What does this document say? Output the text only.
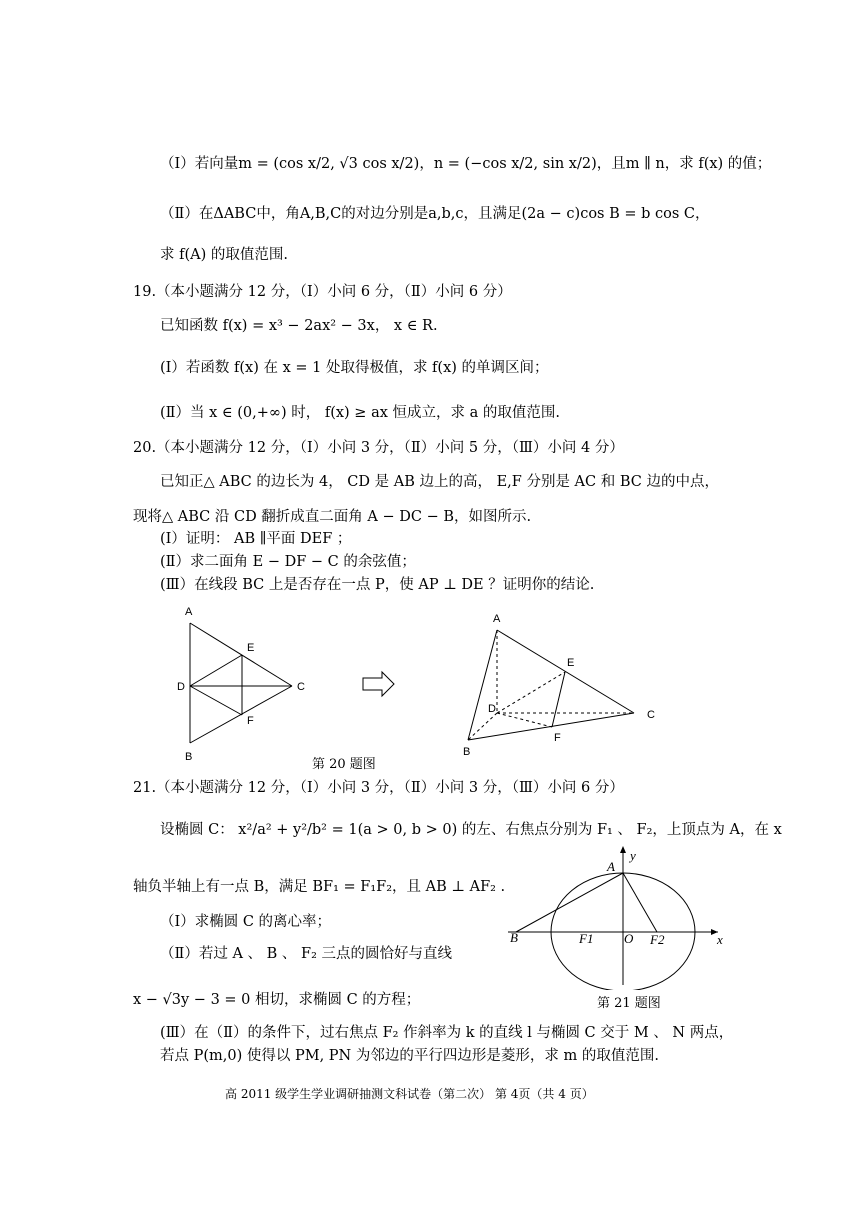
（Ⅰ）若向量m = (cos x/2, √3 cos x/2)，n = (−cos x/2, sin x/2)，且m ∥ n，求 f(x) 的值；
（Ⅱ）在ΔABC中，角A,B,C的对边分别是a,b,c，且满足(2a − c)cos B = b cos C，
求 f(A) 的取值范围.
19.（本小题满分 12 分，（Ⅰ）小问 6 分，（Ⅱ）小问 6 分）
已知函数 f(x) = x³ − 2ax² − 3x， x ∈ R.
(Ⅰ）若函数 f(x) 在 x = 1 处取得极值，求 f(x) 的单调区间；
(Ⅱ）当 x ∈ (0,+∞) 时， f(x) ≥ ax 恒成立，求 a 的取值范围.
20.（本小题满分 12 分，（Ⅰ）小问 3 分，（Ⅱ）小问 5 分，（Ⅲ）小问 4 分）
已知正△ ABC 的边长为 4， CD 是 AB 边上的高， E,F 分别是 AC 和 BC 边的中点，
现将△ ABC 沿 CD 翻折成直二面角 A − DC − B，如图所示.
(Ⅰ）证明： AB ∥平面 DEF ；
(Ⅱ）求二面角 E − DF − C 的余弦值；
(Ⅲ）在线段 BC 上是否存在一点 P，使 AP ⊥ DE ？证明你的结论.
A
E
D	C
F
B
A
E
D	C
F
B
第 20 题图
21.（本小题满分 12 分，（Ⅰ）小问 3 分，（Ⅱ）小问 3 分，（Ⅲ）小问 6 分）
设椭圆 C： x²/a² + y²/b² = 1(a > 0, b > 0) 的左、右焦点分别为 F₁ 、 F₂，上顶点为 A，在 x
轴负半轴上有一点 B，满足 BF₁ = F₁F₂，且 AB ⊥ AF₂ .
（Ⅰ）求椭圆 C 的离心率；
（Ⅱ）若过 A 、 B 、 F₂ 三点的圆恰好与直线
x − √3y − 3 = 0 相切，求椭圆 C 的方程；
(Ⅲ）在（Ⅱ）的条件下，过右焦点 F₂ 作斜率为 k 的直线 l 与椭圆 C 交于 M 、 N 两点，
若点 P(m,0) 使得以 PM, PN 为邻边的平行四边形是菱形，求 m 的取值范围.
A
y
B	F1 O F2	x
第 21 题图
高 2011 级学生学业调研抽测文科试卷（第二次） 第 4页（共 4 页）
